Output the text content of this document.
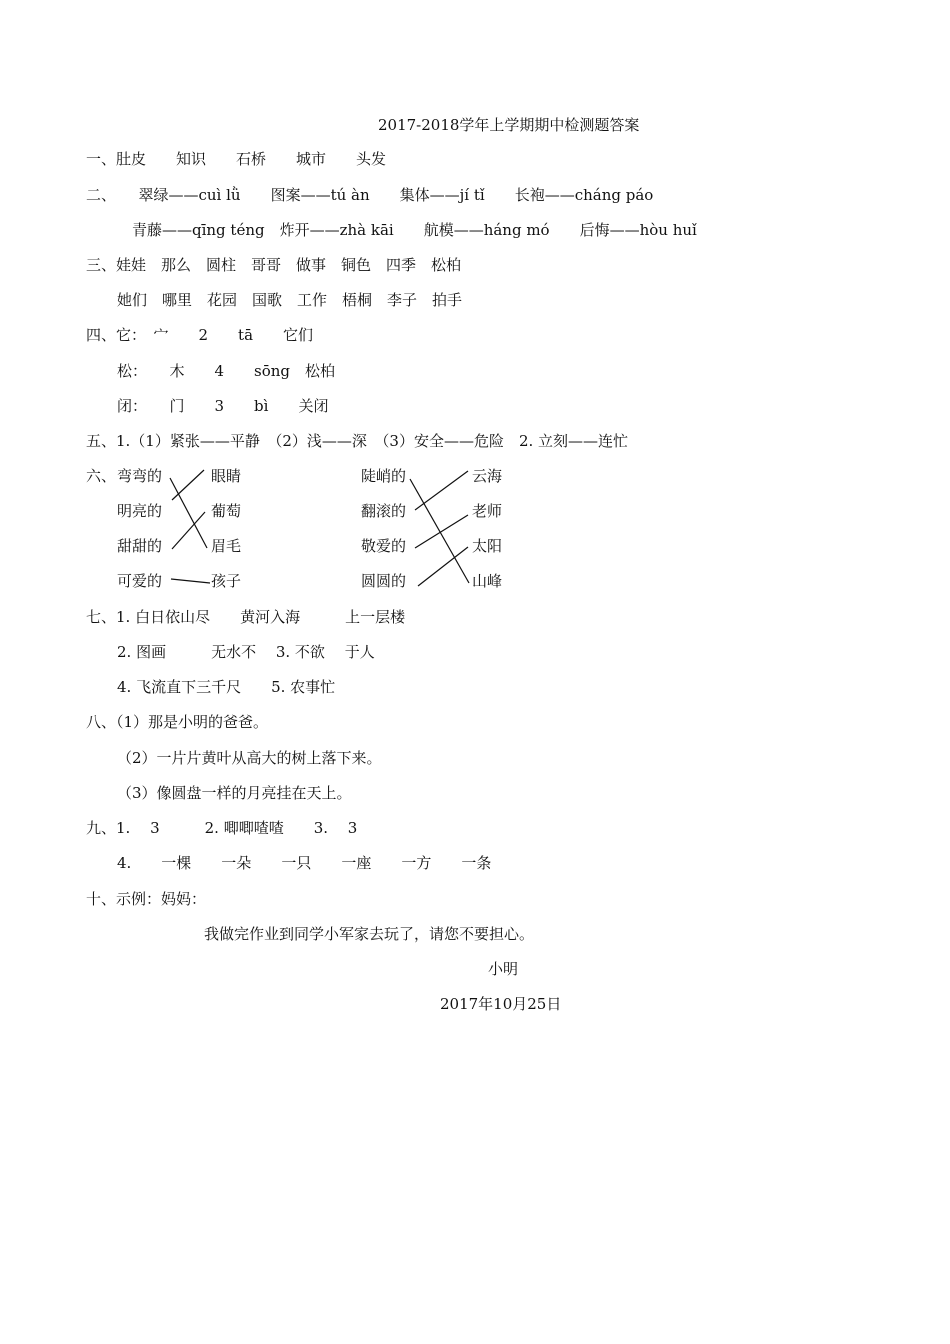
2017-2018学年上学期期中检测题答案
一、肚皮　　知识　　石桥　　城市　　头发
二、　　翠绿——cuì lǜ　　图案——tú àn　　集体——jí tǐ　　长袍——cháng páo
青藤——qīng téng　炸开——zhà kāi　　航模——háng mó　　后悔——hòu huǐ
三、娃娃　那么　圆柱　哥哥　做事　铜色　四季　松柏
她们　哪里　花园　国歌　工作　梧桐　李子　拍手
四、它：　宀　　2　　tā　　它们
松：　　木　　4　　sōng　松柏
闭：　　门　　3　　bì　　关闭
五、1.（1）紧张——平静　（2）浅——深　（3）安全——危险　2. 立刻——连忙
六、 弯弯的
明亮的
甜甜的
可爱的
眼睛
葡萄
眉毛
孩子
陡峭的
翻滚的
敬爱的
圆圆的
云海
老师
太阳
山峰
七、1. 白日依山尽　　黄河入海　　　上一层楼
2. 图画　　　无水不　 3. 不欲　 于人
4. 飞流直下三千尺　　5. 农事忙
八、（1）那是小明的爸爸。
（2）一片片黄叶从高大的树上落下来。
（3）像圆盘一样的月亮挂在天上。
九、1.　 3　　　2. 唧唧喳喳　　3.　 3
4.　　一棵　　一朵　　一只　　一座　　一方　　一条
十、示例：妈妈：
我做完作业到同学小军家去玩了，请您不要担心。
小明
2017年10月25日
